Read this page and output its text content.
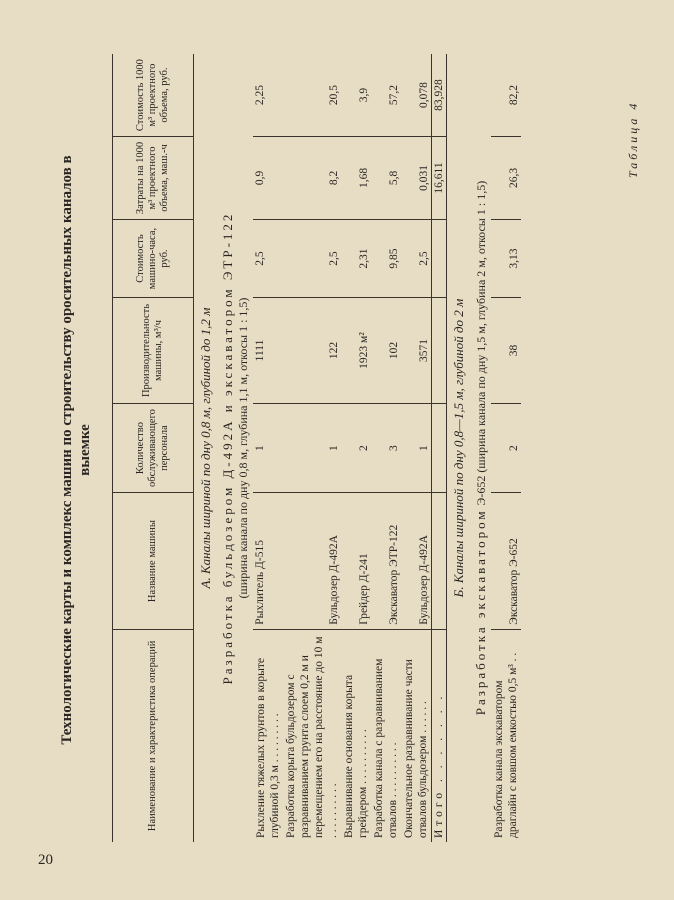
20
Таблица 4
Технологические карты и комплекс машин по строительству оросительных каналов в выемке
Наименование и характеристика операций	Название машины	Количество обслуживающего персонала	Производительность машины, м³/ч	Стоимость машино-часа, руб.	Затраты на 1000 м³ проектного объема, маш.-ч	Стоимость 1000 м³ проектного объема, руб.

А. Каналы шириной по дну 0,8 м, глубиной до 1,2 м						

Разработка бульдозером Д-492А и экскаватором ЭТР-122 (ширина канала по дну 0,8 м, глубина 1,1 м, откосы 1 : 1,5)						

Рыхление тяжелых грунтов в корыте глубиной 0,3 м . . . . . . . . .	Рыхлитель Д-515	1	1111	2,5	0,9	2,25
Разработка корыта бульдозером с разравниванием грунта слоем 0,2 м и перемещением его на расстояние до 10 м . . . . . . . . . .	Бульдозер Д-492А	1	122	2,5	8,2	20,5
Выравнивание основания корыта грейдером . . . . . . . . . .	Грейдер Д-241	2	1923 м²	2,31	1,68	3,9
Разработка канала с разравниванием отвалов . . . . . . . . . .	Экскаватор ЭТР-122	3	102	9,85	5,8	57,2
Окончательное разравнивание части отвалов бульдозером . . . . . .	Бульдозер Д-492А	1	3571	2,5	0,031	0,078
Итого . . . . . . .					16,611	83,928

Б. Каналы шириной по дну 0,8—1,5 м, глубиной до 2 м						

Разработка экскаватором Э-652 (ширина канала по дну 1,5 м, глубина 2 м, откосы 1 : 1,5)						
Разработка канала экскаватором драглайн с ковшом емкостью 0,5 м³ . .	Экскаватор Э-652	2	38	3,13	26,3	82,2
